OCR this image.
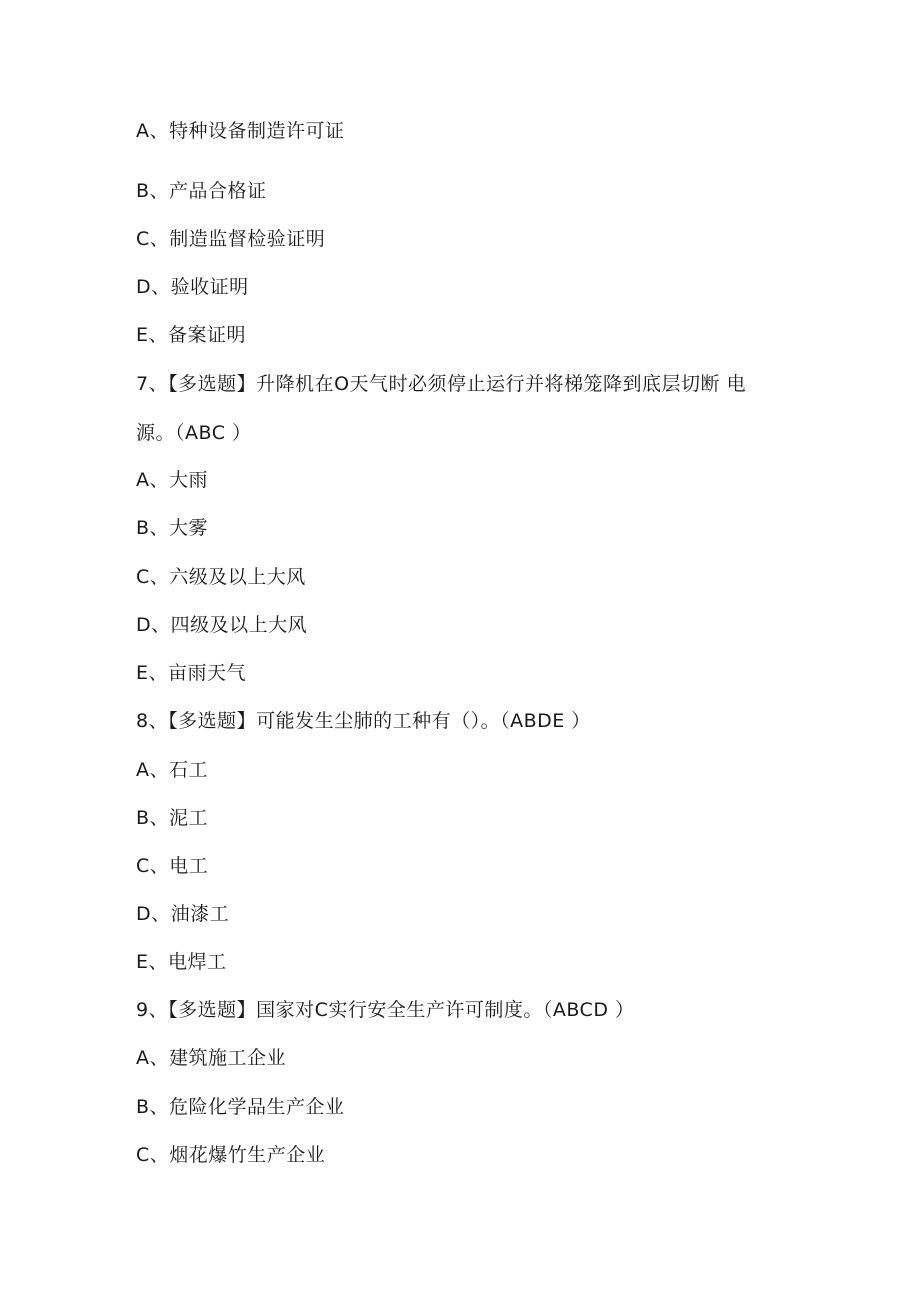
A、特种设备制造许可证
B、产品合格证
C、制造监督检验证明
D、验收证明
E、备案证明
7、【多选题】升降机在O天气时必须停止运行并将梯笼降到底层切断 电
源。（ABC ）
A、大雨
B、大雾
C、六级及以上大风
D、四级及以上大风
E、亩雨天气
8、【多选题】可能发生尘肺的工种有（）。（ABDE ）
A、石工
B、泥工
C、电工
D、油漆工
E、电焊工
9、【多选题】国家对C实行安全生产许可制度。（ABCD ）
A、建筑施工企业
B、危险化学品生产企业
C、烟花爆竹生产企业
